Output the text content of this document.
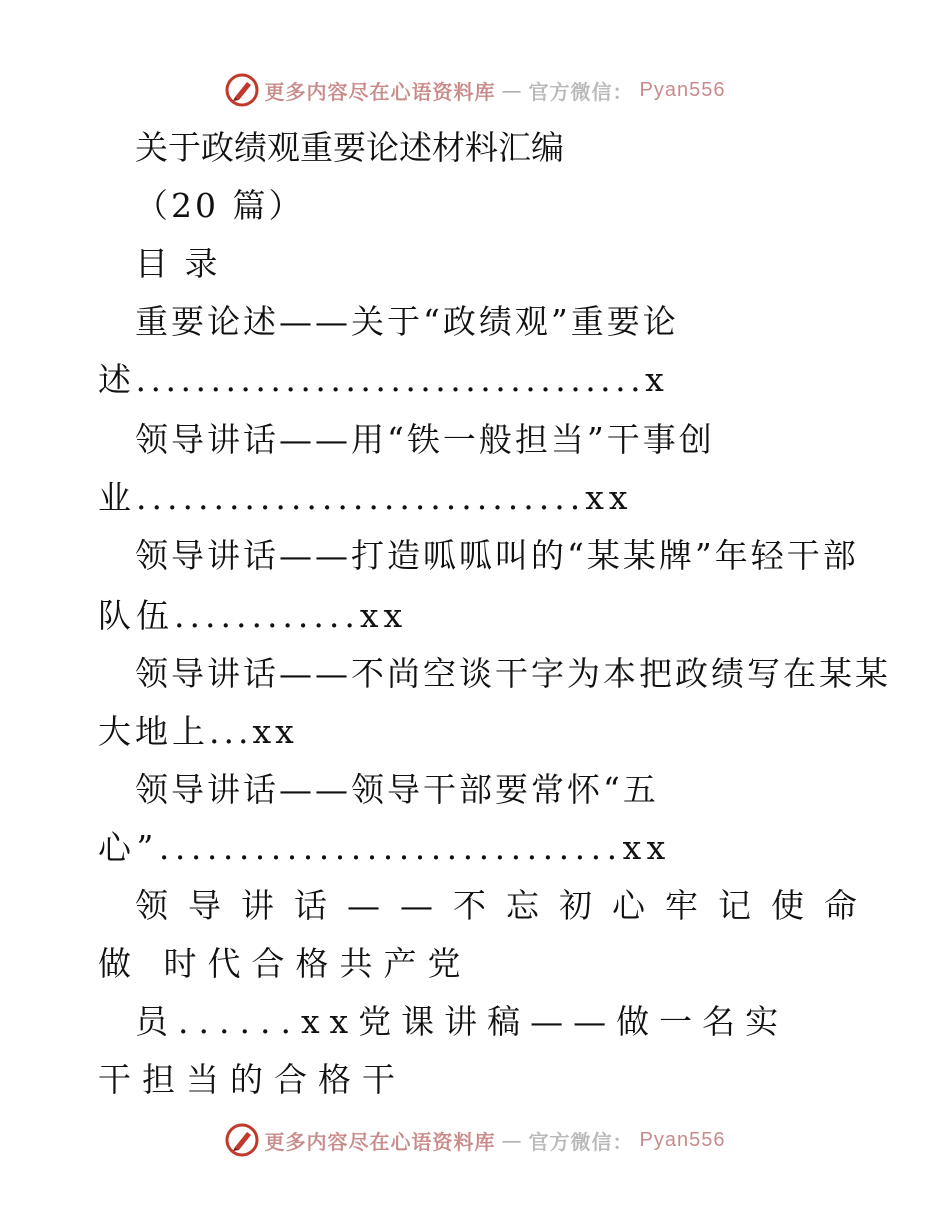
更多内容尽在心语资料库 — 官方微信： Pyan556
关于政绩观重要论述材料汇编
（20 篇）
目 录
重要论述——关于“政绩观”重要论
述..................................x
领导讲话——用“铁一般担当”干事创
业.............................xx
领导讲话——打造呱呱叫的“某某牌”年轻干部
队伍............xx
领导讲话——不尚空谈干字为本把政绩写在某某
大地上...xx
领导讲话——领导干部要常怀“五
心”.............................xx
领导讲话——不忘初心牢记使命
做 时代合格共产党
员......xx党课讲稿——做一名实
干担当的合格干
更多内容尽在心语资料库 — 官方微信： Pyan556
